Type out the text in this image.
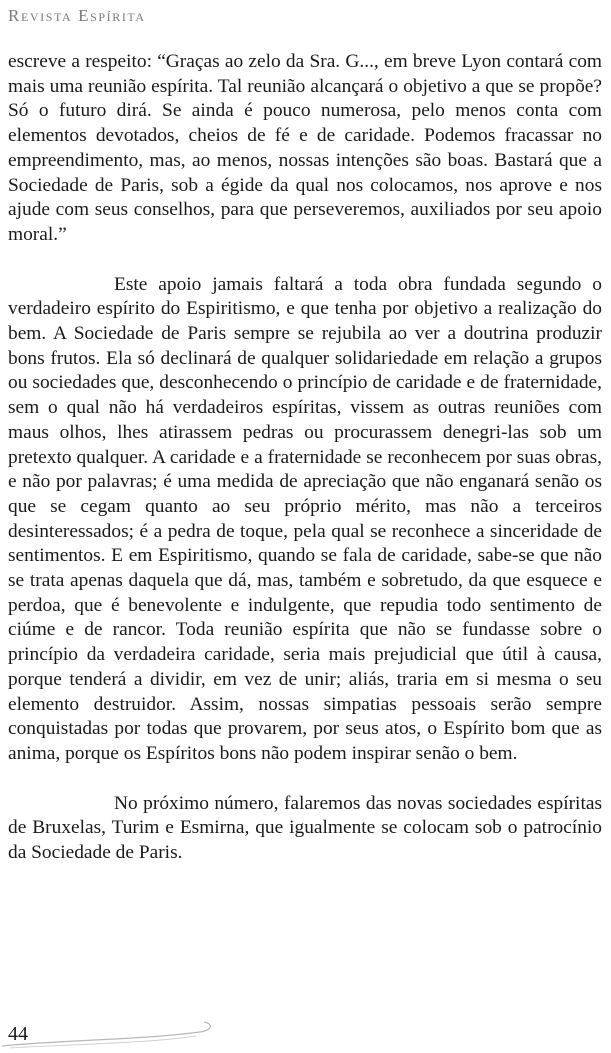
Revista Espírita

escreve a respeito: “Graças ao zelo da Sra. G..., em breve Lyon contará com mais uma reunião espírita. Tal reunião alcançará o objetivo a que se propõe? Só o futuro dirá. Se ainda é pouco numerosa, pelo menos conta com elementos devotados, cheios de fé e de caridade. Podemos fracassar no empreendimento, mas, ao menos, nossas intenções são boas. Bastará que a Sociedade de Paris, sob a égide da qual nos colocamos, nos aprove e nos ajude com seus conselhos, para que perseveremos, auxiliados por seu apoio moral.”

Este apoio jamais faltará a toda obra fundada segundo o verdadeiro espírito do Espiritismo, e que tenha por objetivo a realização do bem. A Sociedade de Paris sempre se rejubila ao ver a doutrina produzir bons frutos. Ela só declinará de qualquer solidariedade em relação a grupos ou sociedades que, desconhecendo o princípio de caridade e de fraternidade, sem o qual não há verdadeiros espíritas, vissem as outras reuniões com maus olhos, lhes atirassem pedras ou procurassem denegri-las sob um pretexto qualquer. A caridade e a fraternidade se reconhecem por suas obras, e não por palavras; é uma medida de apreciação que não enganará senão os que se cegam quanto ao seu próprio mérito, mas não a terceiros desinteressados; é a pedra de toque, pela qual se reconhece a sinceridade de sentimentos. E em Espiritismo, quando se fala de caridade, sabe-se que não se trata apenas daquela que dá, mas, também e sobretudo, da que esquece e perdoa, que é benevolente e indulgente, que repudia todo sentimento de ciúme e de rancor. Toda reunião espírita que não se fundasse sobre o princípio da verdadeira caridade, seria mais prejudicial que útil à causa, porque tenderá a dividir, em vez de unir; aliás, traria em si mesma o seu elemento destruidor. Assim, nossas simpatias pessoais serão sempre conquistadas por todas que provarem, por seus atos, o Espírito bom que as anima, porque os Espíritos bons não podem inspirar senão o bem.

No próximo número, falaremos das novas sociedades espíritas de Bruxelas, Turim e Esmirna, que igualmente se colocam sob o patrocínio da Sociedade de Paris.

44
